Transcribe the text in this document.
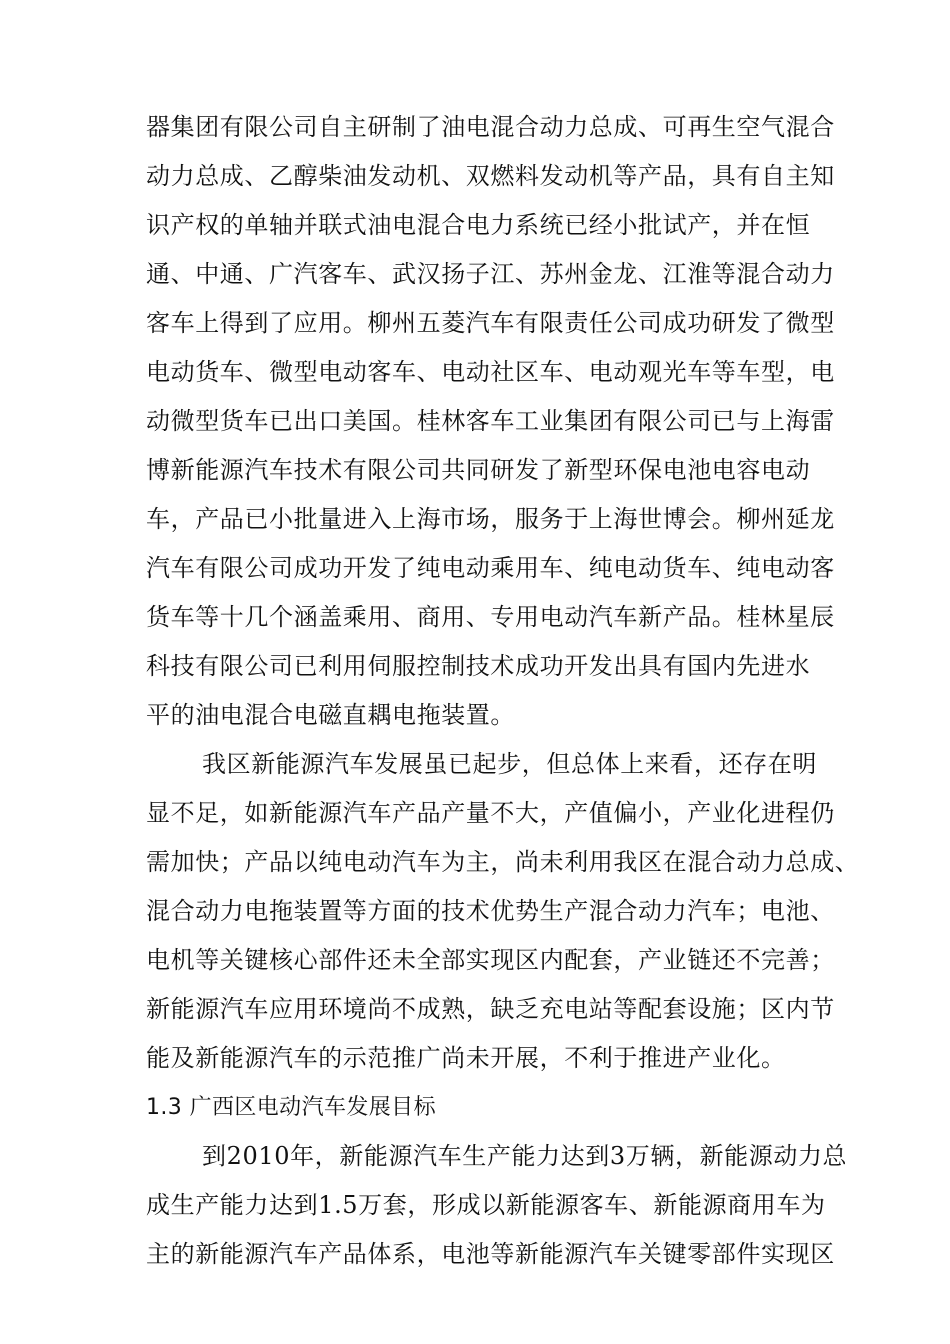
器集团有限公司自主研制了油电混合动力总成、可再生空气混合
动力总成、乙醇柴油发动机、双燃料发动机等产品，具有自主知
识产权的单轴并联式油电混合电力系统已经小批试产，并在恒
通、中通、广汽客车、武汉扬子江、苏州金龙、江淮等混合动力
客车上得到了应用。柳州五菱汽车有限责任公司成功研发了微型
电动货车、微型电动客车、电动社区车、电动观光车等车型，电
动微型货车已出口美国。桂林客车工业集团有限公司已与上海雷
博新能源汽车技术有限公司共同研发了新型环保电池电容电动
车，产品已小批量进入上海市场，服务于上海世博会。柳州延龙
汽车有限公司成功开发了纯电动乘用车、纯电动货车、纯电动客
货车等十几个涵盖乘用、商用、专用电动汽车新产品。桂林星辰
科技有限公司已利用伺服控制技术成功开发出具有国内先进水
平的油电混合电磁直耦电拖装置。
我区新能源汽车发展虽已起步，但总体上来看，还存在明
显不足，如新能源汽车产品产量不大，产值偏小，产业化进程仍
需加快；产品以纯电动汽车为主，尚未利用我区在混合动力总成、
混合动力电拖装置等方面的技术优势生产混合动力汽车；电池、
电机等关键核心部件还未全部实现区内配套，产业链还不完善；
新能源汽车应用环境尚不成熟，缺乏充电站等配套设施；区内节
能及新能源汽车的示范推广尚未开展，不利于推进产业化。
1.3 广西区电动汽车发展目标
到2010年，新能源汽车生产能力达到3万辆，新能源动力总
成生产能力达到1.5万套，形成以新能源客车、新能源商用车为
主的新能源汽车产品体系，电池等新能源汽车关键零部件实现区
